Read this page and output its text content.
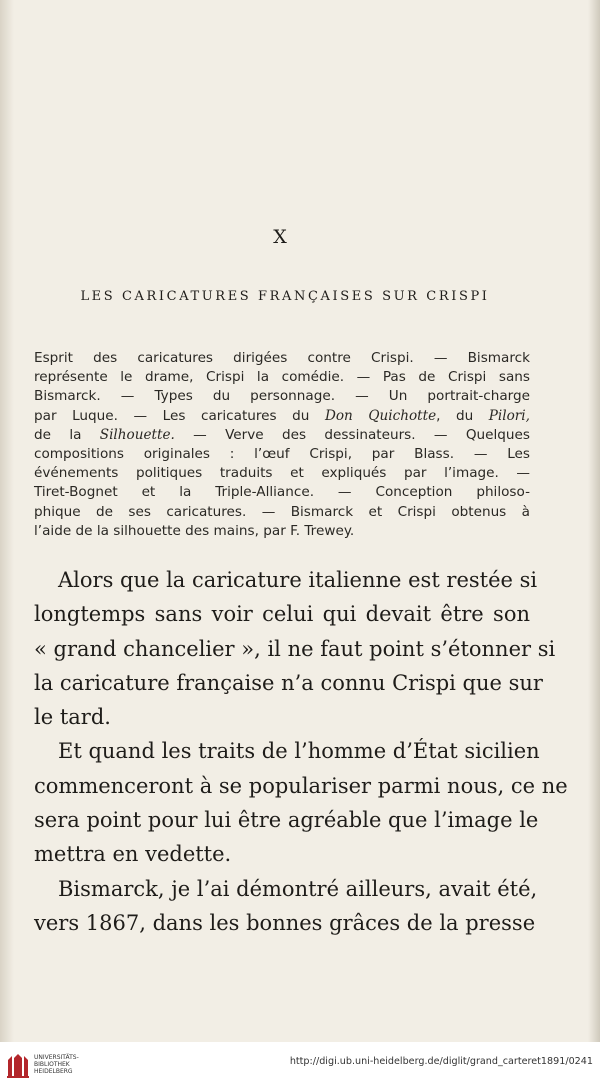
X
LES CARICATURES FRANÇAISES SUR CRISPI
Esprit des caricatures dirigées contre Crispi. — Bismarck
représente le drame, Crispi la comédie. — Pas de Crispi sans
Bismarck. — Types du personnage. — Un portrait-charge
par Luque. — Les caricatures du Don Quichotte, du Pilori,
de la Silhouette. — Verve des dessinateurs. — Quelques
compositions originales : l’œuf Crispi, par Blass. — Les
événements politiques traduits et expliqués par l’image. —
Tiret-Bognet et la Triple-Alliance. — Conception philoso-
phique de ses caricatures. — Bismarck et Crispi obtenus à
l’aide de la silhouette des mains, par F. Trewey.
Alors que la caricature italienne est restée si
longtemps sans voir celui qui devait être son
« grand chancelier », il ne faut point s’étonner si
la caricature française n’a connu Crispi que sur
le tard.
Et quand les traits de l’homme d’État sicilien
commenceront à se populariser parmi nous, ce ne
sera point pour lui être agréable que l’image le
mettra en vedette.
Bismarck, je l’ai démontré ailleurs, avait été,
vers 1867, dans les bonnes grâces de la presse
UNIVERSITÄTS-
BIBLIOTHEK
HEIDELBERG
http://digi.ub.uni-heidelberg.de/diglit/grand_carteret1891/0241
